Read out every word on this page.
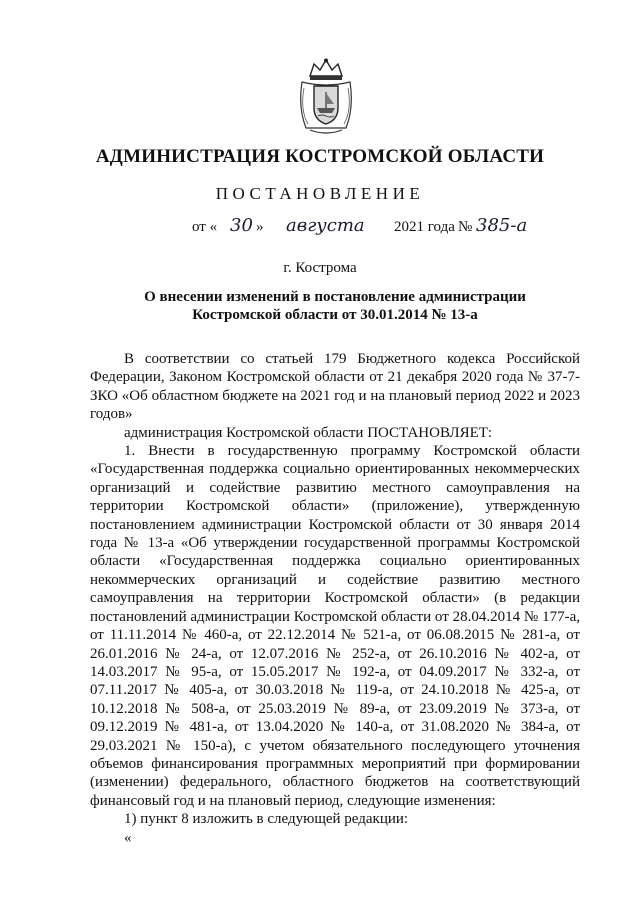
АДМИНИСТРАЦИЯ КОСТРОМСКОЙ ОБЛАСТИ
ПОСТАНОВЛЕНИЕ
от « 30 » августа 2021 года № 385-а
г. Кострома
О внесении изменений в постановление администрации
Костромской области от 30.01.2014 № 13-а

В соответствии со статьей 179 Бюджетного кодекса Российской Федерации, Законом Костромской области от 21 декабря 2020 года № 37-7-ЗКО «Об областном бюджете на 2021 год и на плановый период 2022 и 2023 годов»

администрация Костромской области ПОСТАНОВЛЯЕТ:

1. Внести в государственную программу Костромской области «Государственная поддержка социально ориентированных некоммерческих организаций и содействие развитию местного самоуправления на территории Костромской области» (приложение), утвержденную постановлением администрации Костромской области от 30 января 2014 года № 13-а «Об утверждении государственной программы Костромской области «Государственная поддержка социально ориентированных некоммерческих организаций и содействие развитию местного самоуправления на территории Костромской области» (в редакции постановлений администрации Костромской области от 28.04.2014 № 177-а, от 11.11.2014 № 460-а, от 22.12.2014 № 521-а, от 06.08.2015 № 281-а, от 26.01.2016 № 24-а, от 12.07.2016 № 252-а, от 26.10.2016 № 402-а, от 14.03.2017 № 95-а, от 15.05.2017 № 192-а, от 04.09.2017 № 332-а, от 07.11.2017 № 405-а, от 30.03.2018 № 119-а, от 24.10.2018 № 425-а, от 10.12.2018 № 508-а, от 25.03.2019 № 89-а, от 23.09.2019 № 373-а, от 09.12.2019 № 481-а, от 13.04.2020 № 140-а, от 31.08.2020 № 384-а, от 29.03.2021 № 150-а), с учетом обязательного последующего уточнения объемов финансирования программных мероприятий при формировании (изменении) федерального, областного бюджетов на соответствующий финансовый год и на плановый период, следующие изменения:

1) пункт 8 изложить в следующей редакции:

«
